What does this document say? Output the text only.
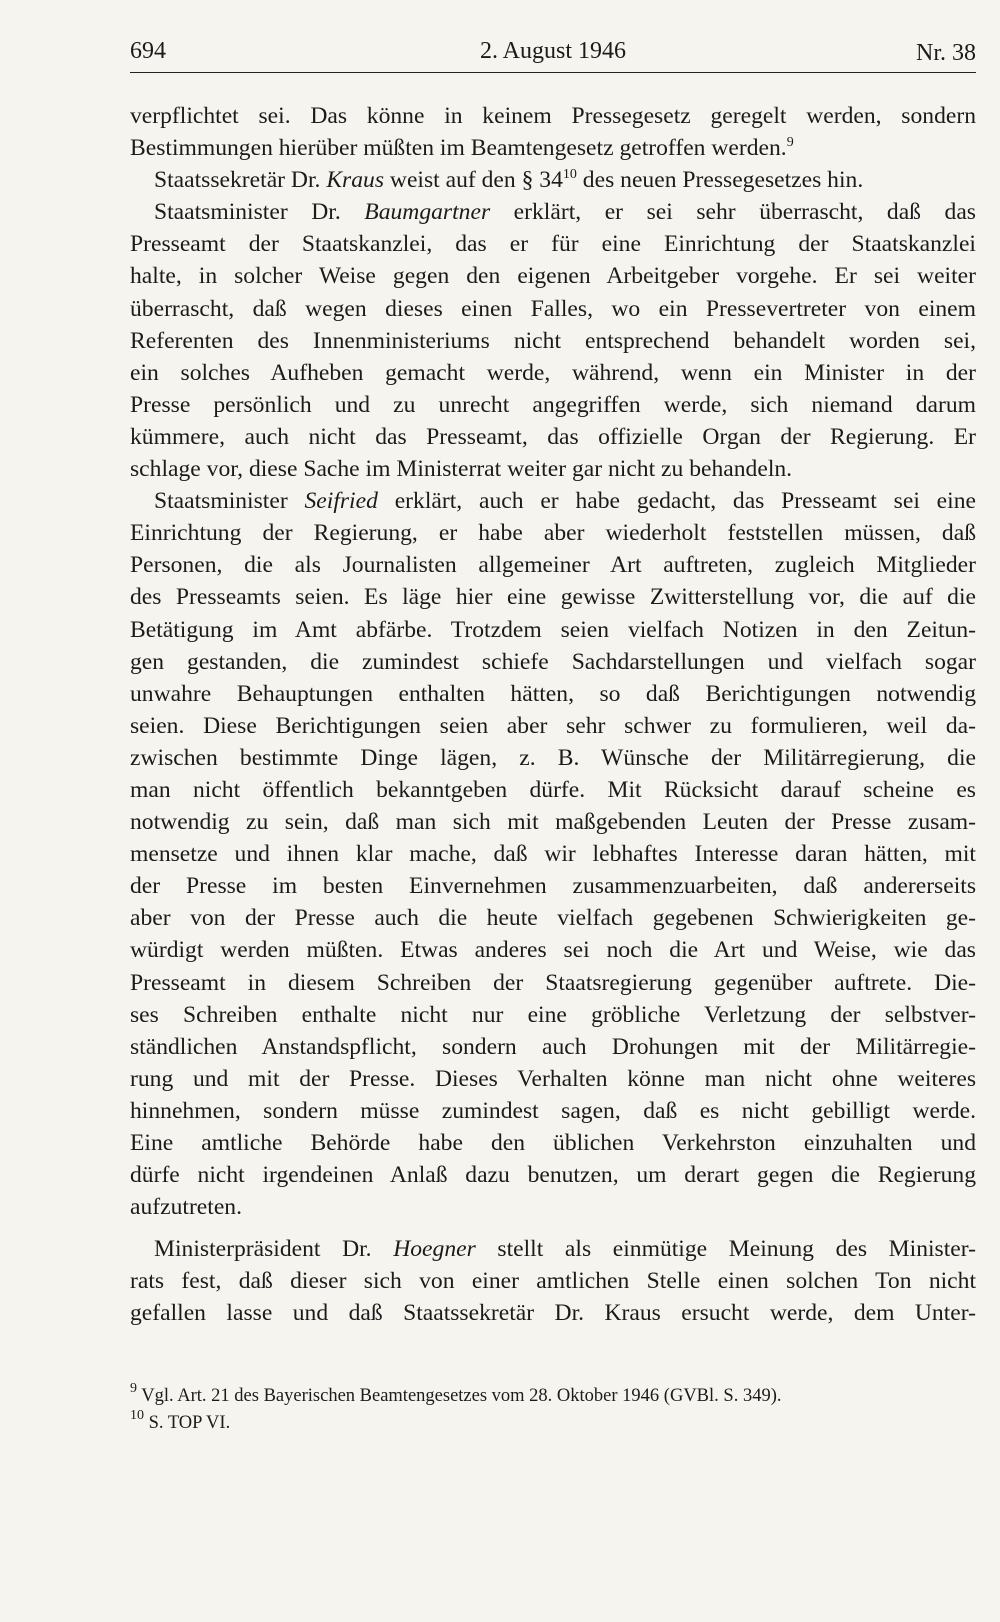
694	2. August 1946	Nr. 38
verpflichtet sei. Das könne in keinem Pressegesetz geregelt werden, sondern
Bestimmungen hierüber müßten im Beamtengesetz getroffen werden.$^9$
Staatssekretär Dr. Kraus weist auf den § $34^{10}$ des neuen Pressegesetzes hin.
Staatsminister Dr. Baumgartner erklärt, er sei sehr überrascht, daß das
Presseamt der Staatskanzlei, das er für eine Einrichtung der Staatskanzlei
halte, in solcher Weise gegen den eigenen Arbeitgeber vorgehe. Er sei weiter
überrascht, daß wegen dieses einen Falles, wo ein Pressevertreter von einem
Referenten des Innenministeriums nicht entsprechend behandelt worden sei,
ein solches Aufheben gemacht werde, während, wenn ein Minister in der
Presse persönlich und zu unrecht angegriffen werde, sich niemand darum
kümmere, auch nicht das Presseamt, das offizielle Organ der Regierung. Er
schlage vor, diese Sache im Ministerrat weiter gar nicht zu behandeln.
Staatsminister Seifried erklärt, auch er habe gedacht, das Presseamt sei eine
Einrichtung der Regierung, er habe aber wiederholt feststellen müssen, daß
Personen, die als Journalisten allgemeiner Art auftreten, zugleich Mitglieder
des Presseamts seien. Es läge hier eine gewisse Zwitterstellung vor, die auf die
Betätigung im Amt abfärbe. Trotzdem seien vielfach Notizen in den Zeitun-
gen gestanden, die zumindest schiefe Sachdarstellungen und vielfach sogar
unwahre Behauptungen enthalten hätten, so daß Berichtigungen notwendig
seien. Diese Berichtigungen seien aber sehr schwer zu formulieren, weil da-
zwischen bestimmte Dinge lägen, z. B. Wünsche der Militärregierung, die
man nicht öffentlich bekanntgeben dürfe. Mit Rücksicht darauf scheine es
notwendig zu sein, daß man sich mit maßgebenden Leuten der Presse zusam-
mensetze und ihnen klar mache, daß wir lebhaftes Interesse daran hätten, mit
der Presse im besten Einvernehmen zusammenzuarbeiten, daß andererseits
aber von der Presse auch die heute vielfach gegebenen Schwierigkeiten ge-
würdigt werden müßten. Etwas anderes sei noch die Art und Weise, wie das
Presseamt in diesem Schreiben der Staatsregierung gegenüber auftrete. Die-
ses Schreiben enthalte nicht nur eine gröbliche Verletzung der selbstver-
ständlichen Anstandspflicht, sondern auch Drohungen mit der Militärregie-
rung und mit der Presse. Dieses Verhalten könne man nicht ohne weiteres
hinnehmen, sondern müsse zumindest sagen, daß es nicht gebilligt werde.
Eine amtliche Behörde habe den üblichen Verkehrston einzuhalten und
dürfe nicht irgendeinen Anlaß dazu benutzen, um derart gegen die Regierung
aufzutreten.
Ministerpräsident Dr. Hoegner stellt als einmütige Meinung des Minister-
rats fest, daß dieser sich von einer amtlichen Stelle einen solchen Ton nicht
gefallen lasse und daß Staatssekretär Dr. Kraus ersucht werde, dem Unter-
$^9$ Vgl. Art. 21 des Bayerischen Beamtengesetzes vom 28. Oktober 1946 (GVBl. S. 349).
$^{10}$ S. TOP VI.
